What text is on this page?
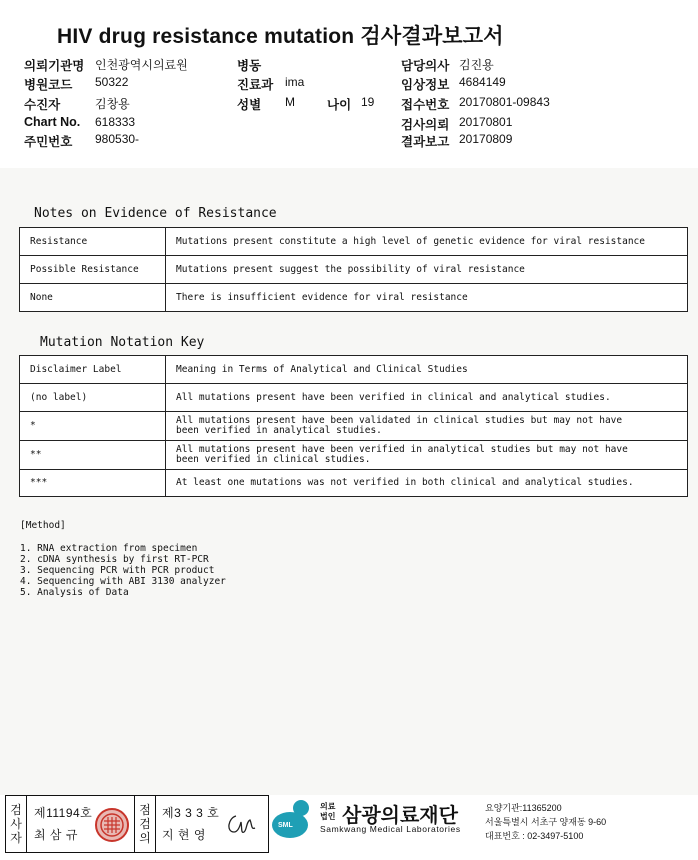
HIV drug resistance mutation 검사결과보고서
의뢰기관명 인천광역시의료원
병원코드 50322
수진자	김창용
Chart No. 618333
주민번호 980530-
병동
진료과 ima
성별 M	나이 19
담당의사 김진용
임상정보 4684149
접수번호 20170801-09843
검사의뢰 20170801
결과보고 20170809
Notes on Evidence of Resistance
Resistance	Mutations present constitute a high level of genetic evidence for viral resistance
Possible Resistance	Mutations present suggest the possibility of viral resistance
None	There is insufficient evidence for viral resistance
Mutation Notation Key
Disclaimer Label	Meaning in Terms of Analytical and Clinical Studies
(no label)	All mutations present have been verified in clinical and analytical studies.
*	All mutations present have been validated in clinical studies but may not have been verified in analytical studies.
**	All mutations present have been verified in analytical studies but may not have been verified in clinical studies.
***	At least one mutations was not verified in both clinical and analytical studies.
[Method]
1. RNA extraction from specimen
2. cDNA synthesis by first RT-PCR
3. Sequencing PCR with PCR product
4. Sequencing with ABI 3130 analyzer
5. Analysis of Data
검
사
자
제11194호
최 삼 규
점
검
의
제3 3 3 호
지 현 영
SML
의료법인 삼광의료재단
Samkwang Medical Laboratories
요양기관:11365200
서울특별시 서초구 양재동 9-60
대표번호 : 02-3497-5100
